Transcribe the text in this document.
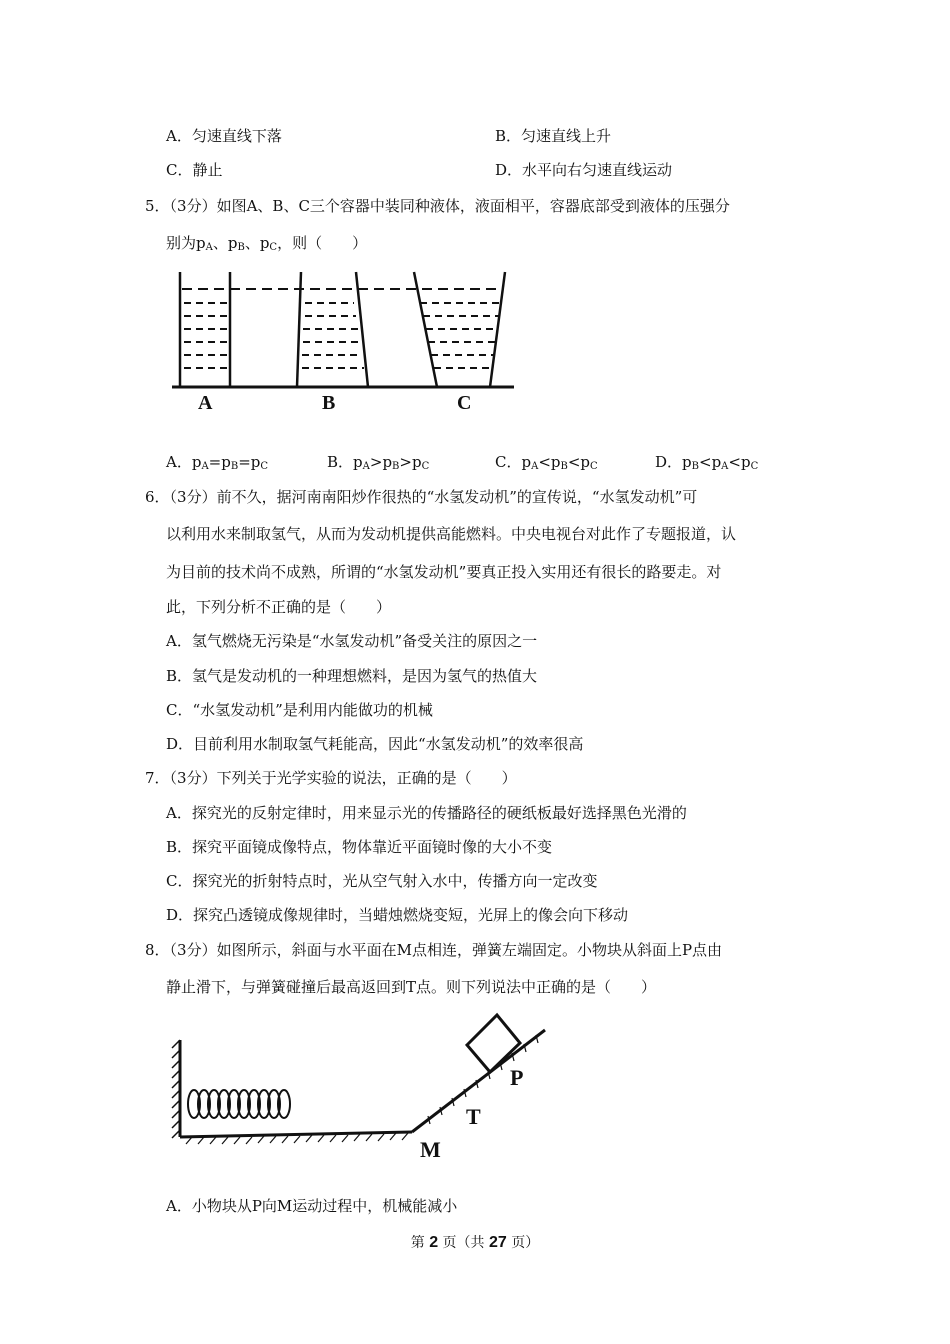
A．匀速直线下落	B．匀速直线上升
C．静止	D．水平向右匀速直线运动
5．（3分）如图A、B、C三个容器中装同种液体，液面相平，容器底部受到液体的压强分
别为$p_A$、$p_B$、$p_C$，则（　　）
A	B	C
A．$p_A=p_B=p_C$	B．$p_A>p_B>p_C$	C．$p_A<p_B<p_C$	D．$p_B<p_A<p_C$
6．（3分）前不久，据河南南阳炒作很热的“水氢发动机”的宣传说，“水氢发动机”可
以利用水来制取氢气，从而为发动机提供高能燃料。中央电视台对此作了专题报道，认
为目前的技术尚不成熟，所谓的“水氢发动机”要真正投入实用还有很长的路要走。对
此，下列分析不正确的是（　　）
A．氢气燃烧无污染是“水氢发动机”备受关注的原因之一
B．氢气是发动机的一种理想燃料，是因为氢气的热值大
C．“水氢发动机”是利用内能做功的机械
D．目前利用水制取氢气耗能高，因此“水氢发动机”的效率很高
7．（3分）下列关于光学实验的说法，正确的是（　　）
A．探究光的反射定律时，用来显示光的传播路径的硬纸板最好选择黑色光滑的
B．探究平面镜成像特点，物体靠近平面镜时像的大小不变
C．探究光的折射特点时，光从空气射入水中，传播方向一定改变
D．探究凸透镜成像规律时，当蜡烛燃烧变短，光屏上的像会向下移动
8．（3分）如图所示，斜面与水平面在M点相连，弹簧左端固定。小物块从斜面上P点由
静止滑下，与弹簧碰撞后最高返回到T点。则下列说法中正确的是（　　）
P
T
M
A．小物块从P向M运动过程中，机械能减小
第 2 页（共 27 页）
